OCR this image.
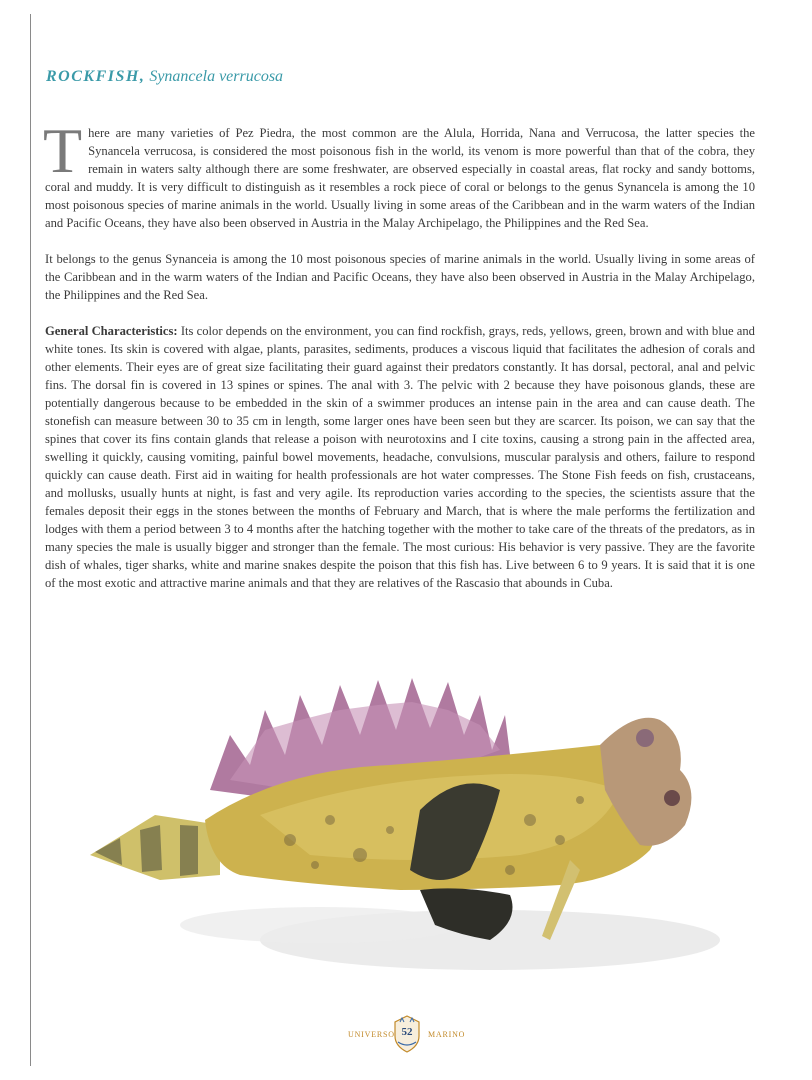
ROCKFISH, Synancela verrucosa

There are many varieties of Pez Piedra, the most common are the Alula, Horrida, Nana and Verrucosa, the latter species the Synancela verrucosa, is considered the most poisonous fish in the world, its venom is more powerful than that of the cobra, they remain in waters salty although there are some freshwater, are observed especially in coastal areas, flat rocky and sandy bottoms, coral and muddy. It is very difficult to distinguish as it resembles a rock piece of coral or belongs to the genus Synancela is among the 10 most poisonous species of marine animals in the world. Usually living in some areas of the Caribbean and in the warm waters of the Indian and Pacific Oceans, they have also been observed in Austria in the Malay Archipelago, the Philippines and the Red Sea.

It belongs to the genus Synanceia is among the 10 most poisonous species of marine animals in the world. Usually living in some areas of the Caribbean and in the warm waters of the Indian and Pacific Oceans, they have also been observed in Austria in the Malay Archipelago, the Philippines and the Red Sea.

General Characteristics: Its color depends on the environment, you can find rockfish, grays, reds, yellows, green, brown and with blue and white tones. Its skin is covered with algae, plants, parasites, sediments, produces a viscous liquid that facilitates the adhesion of corals and other elements. Their eyes are of great size facilitating their guard against their predators constantly. It has dorsal, pectoral, anal and pelvic fins. The dorsal fin is covered in 13 spines or spines. The anal with 3. The pelvic with 2 because they have poisonous glands, these are potentially dangerous because to be embedded in the skin of a swimmer produces an intense pain in the area and can cause death. The stonefish can measure between 30 to 35 cm in length, some larger ones have been seen but they are scarcer. Its poison, we can say that the spines that cover its fins contain glands that release a poison with neurotoxins and I cite toxins, causing a strong pain in the affected area, swelling it quickly, causing vomiting, painful bowel movements, headache, convulsions, muscular paralysis and others, failure to respond quickly can cause death. First aid in waiting for health professionals are hot water compresses. The Stone Fish feeds on fish, crustaceans, and mollusks, usually hunts at night, is fast and very agile. Its reproduction varies according to the species, the scientists assure that the females deposit their eggs in the stones between the months of February and March, that is where the male performs the fertilization and lodges with them a period between 3 to 4 months after the hatching together with the mother to take care of the threats of the predators, as in many species the male is usually bigger and stronger than the female. The most curious: His behavior is very passive. They are the favorite dish of whales, tiger sharks, white and marine snakes despite the poison that this fish has. Live between 6 to 9 years. It is said that it is one of the most exotic and attractive marine animals and that they are relatives of the Rascasio that abounds in Cuba.

UNIVERSO 52	MARINO
